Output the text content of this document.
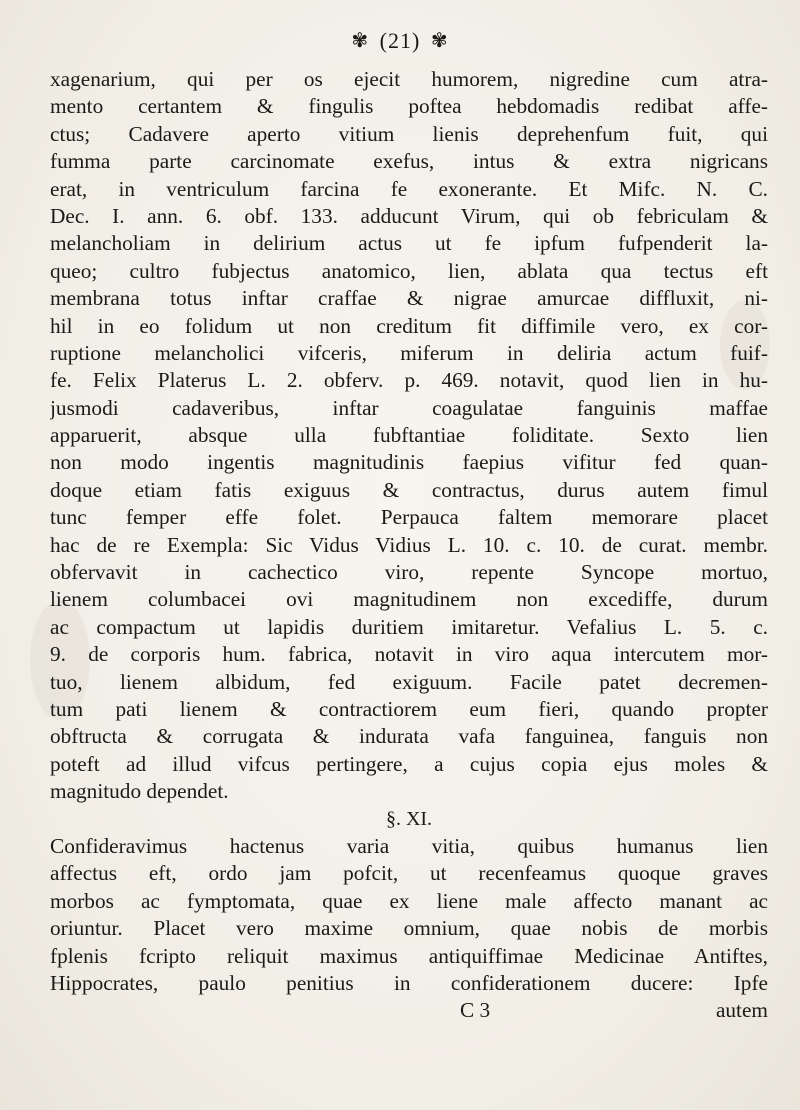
✾ (21) ✾
xagenarium, qui per os ejecit humorem, nigredine cum atra-
mento certantem & fingulis poftea hebdomadis redibat affe-
ctus; Cadavere aperto vitium lienis deprehenfum fuit, qui
fumma parte carcinomate exefus, intus & extra nigricans
erat, in ventriculum farcina fe exonerante. Et Mifc. N. C.
Dec. I. ann. 6. obf. 133. adducunt Virum, qui ob febriculam &
melancholiam in delirium actus ut fe ipfum fufpenderit la-
queo; cultro fubjectus anatomico, lien, ablata qua tectus eft
membrana totus inftar craffae & nigrae amurcae diffluxit, ni-
hil in eo folidum ut non creditum fit diffimile vero, ex cor-
ruptione melancholici vifceris, miferum in deliria actum fuif-
fe. Felix Platerus L. 2. obferv. p. 469. notavit, quod lien in hu-
jusmodi cadaveribus, inftar coagulatae fanguinis maffae
apparuerit, absque ulla fubftantiae foliditate. Sexto lien
non modo ingentis magnitudinis faepius vifitur fed quan-
doque etiam fatis exiguus & contractus, durus autem fimul
tunc femper effe folet. Perpauca faltem memorare placet
hac de re Exempla: Sic Vidus Vidius L. 10. c. 10. de curat. membr.
obfervavit in cachectico viro, repente Syncope mortuo,
lienem columbacei ovi magnitudinem non excediffe, durum
ac compactum ut lapidis duritiem imitaretur. Vefalius L. 5. c.
9. de corporis hum. fabrica, notavit in viro aqua intercutem mor-
tuo, lienem albidum, fed exiguum. Facile patet decremen-
tum pati lienem & contractiorem eum fieri, quando propter
obftructa & corrugata & indurata vafa fanguinea, fanguis non
poteft ad illud vifcus pertingere, a cujus copia ejus moles &
magnitudo dependet.
§. XI.
Confideravimus hactenus varia vitia, quibus humanus lien
affectus eft, ordo jam pofcit, ut recenfeamus quoque graves
morbos ac fymptomata, quae ex liene male affecto manant ac
oriuntur. Placet vero maxime omnium, quae nobis de morbis
fplenis fcripto reliquit maximus antiquiffimae Medicinae Antiftes,
Hippocrates, paulo penitius in confiderationem ducere: Ipfe
C 3	autem
